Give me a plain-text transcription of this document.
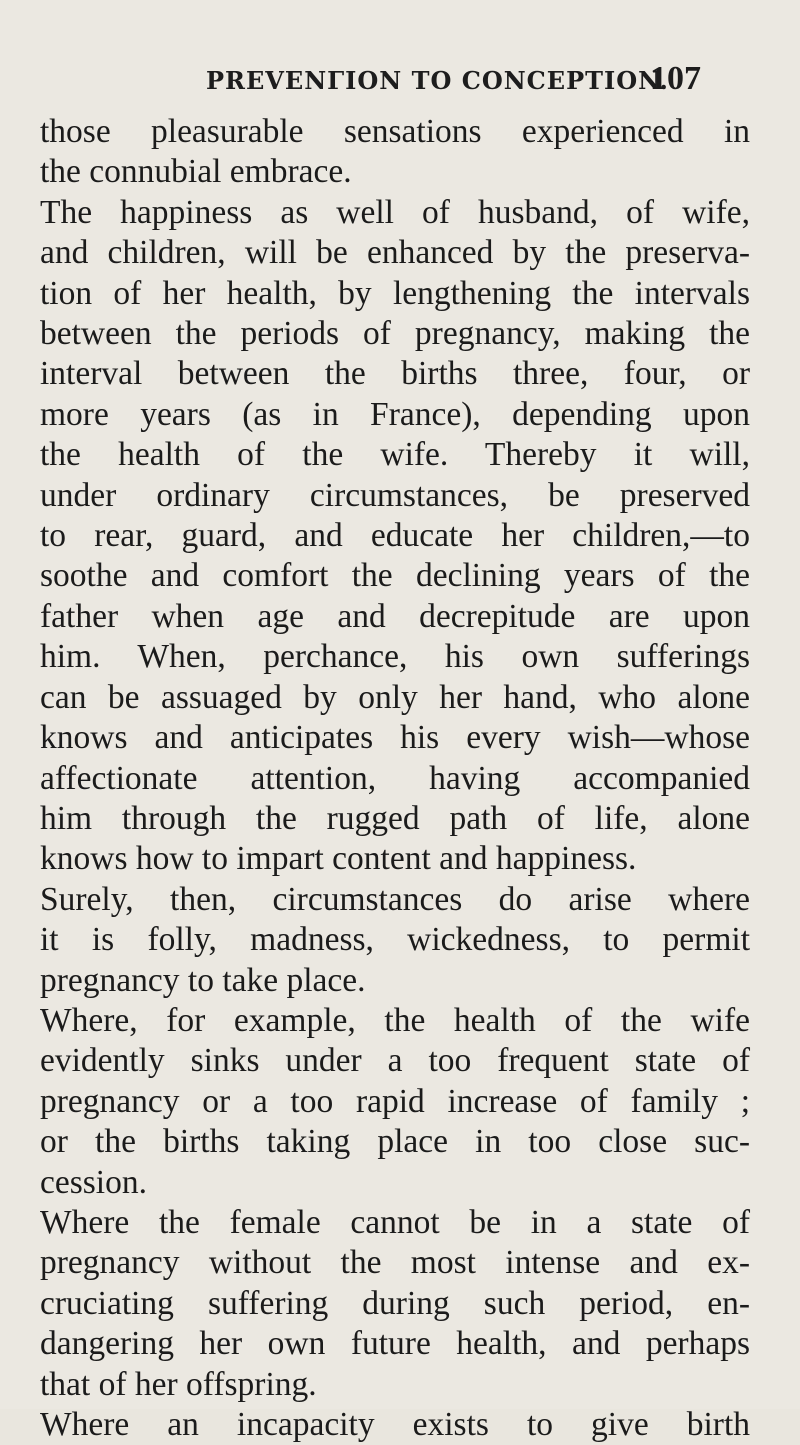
PREVENΓION TO CONCEPTION.
107
those pleasurable sensations experienced in
the connubial embrace.
The happiness as well of husband, of wife,
and children, will be enhanced by the preserva-
tion of her health, by lengthening the intervals
between the periods of pregnancy, making the
interval between the births three, four, or
more years (as in France), depending upon
the health of the wife. Thereby it will,
under ordinary circumstances, be preserved
to rear, guard, and educate her children,—to
soothe and comfort the declining years of the
father when age and decrepitude are upon
him. When, perchance, his own sufferings
can be assuaged by only her hand, who alone
knows and anticipates his every wish—whose
affectionate attention, having accompanied
him through the rugged path of life, alone
knows how to impart content and happiness.
Surely, then, circumstances do arise where
it is folly, madness, wickedness, to permit
pregnancy to take place.
Where, for example, the health of the wife
evidently sinks under a too frequent state of
pregnancy or a too rapid increase of family ;
or the births taking place in too close suc-
cession.
Where the female cannot be in a state of
pregnancy without the most intense and ex-
cruciating suffering during such period, en-
dangering her own future health, and perhaps
that of her offspring.
Where an incapacity exists to give birth
